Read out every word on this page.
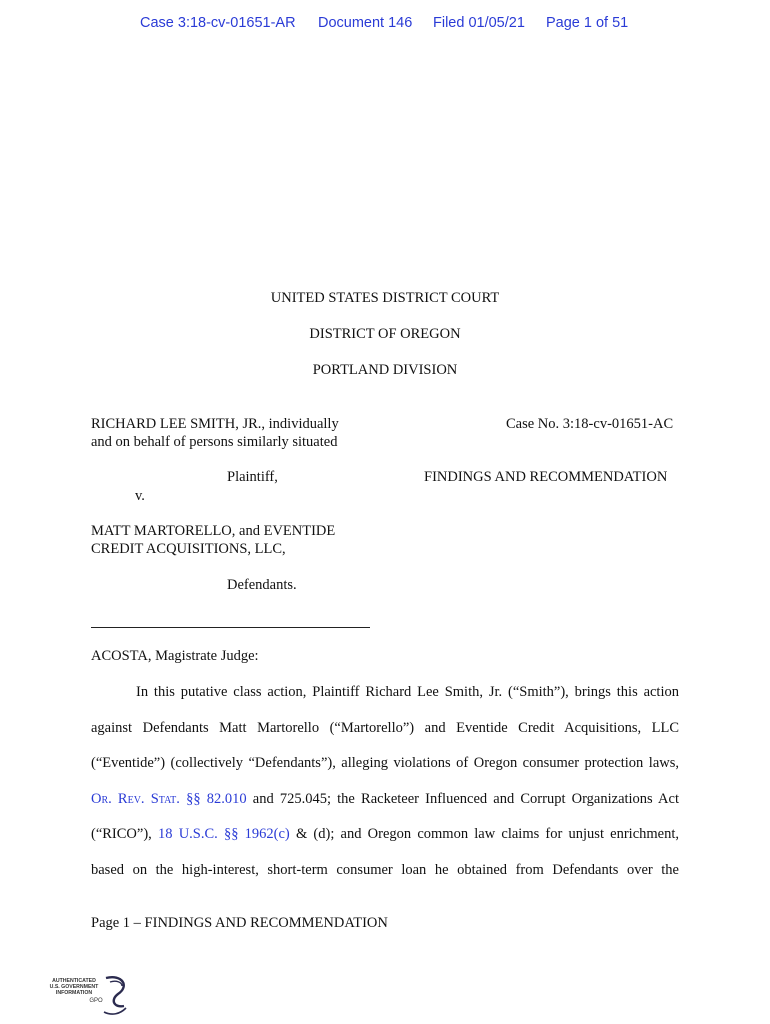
Case 3:18-cv-01651-AR Document 146 Filed 01/05/21 Page 1 of 51
UNITED STATES DISTRICT COURT
DISTRICT OF OREGON
PORTLAND DIVISION
RICHARD LEE SMITH, JR., individually
and on behalf of persons similarly situated
Plaintiff,
v.
MATT MARTORELLO, and EVENTIDE
CREDIT ACQUISITIONS, LLC,
Defendants.
Case No. 3:18-cv-01651-AC
FINDINGS AND RECOMMENDATION
ACOSTA, Magistrate Judge:
In this putative class action, Plaintiff Richard Lee Smith, Jr. (“Smith”), brings this action
against Defendants Matt Martorello (“Martorello”) and Eventide Credit Acquisitions, LLC
(“Eventide”) (collectively “Defendants”), alleging violations of Oregon consumer protection laws,
Or. Rev. Stat. §§ 82.010 and 725.045; the Racketeer Influenced and Corrupt Organizations Act
(“RICO”), 18 U.S.C. §§ 1962(c) & (d); and Oregon common law claims for unjust enrichment,
based on the high-interest, short-term consumer loan he obtained from Defendants over the
Page 1 – FINDINGS AND RECOMMENDATION
AUTHENTICATED
U.S. GOVERNMENT
INFORMATION
GPO
